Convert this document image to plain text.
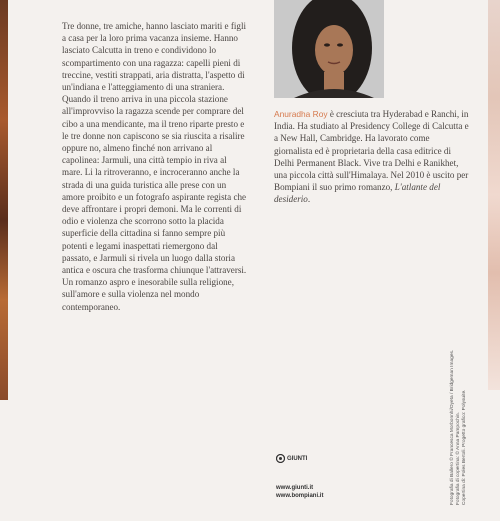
Tre donne, tre amiche, hanno lasciato mariti e figli a casa per la loro prima vacanza insieme. Hanno lasciato Calcutta in treno e condividono lo scompartimento con una ragazza: capelli pieni di treccine, vestiti strappati, aria distratta, l'aspetto di un'indiana e l'atteggiamento di una straniera. Quando il treno arriva in una piccola stazione all'improvviso la ragazza scende per comprare del cibo a una mendicante, ma il treno riparte presto e le tre donne non capiscono se sia riuscita a risalire oppure no, almeno finché non arrivano al capolinea: Jarmuli, una città tempio in riva al mare. Li la ritroveranno, e incroceranno anche la strada di una guida turistica alle prese con un amore proibito e un fotografo aspirante regista che deve affrontare i propri demoni. Ma le correnti di odio e violenza che scorrono sotto la placida superficie della cittadina si fanno sempre più potenti e legami inaspettati riemergono dal passato, e Jarmuli si rivela un luogo dalla storia antica e oscura che trasforma chiunque l'attraversi. Un romanzo aspro e inesorabile sulla religione, sull'amore e sulla violenza nel mondo contemporaneo.

Anuradha Roy è cresciuta tra Hyderabad e Ranchi, in India. Ha studiato al Presidency College di Calcutta e a New Hall, Cambridge. Ha lavorato come giornalista ed è proprietaria della casa editrice di Delhi Permanent Black. Vive tra Delhi e Ranikhet, una piccola città sull'Himalaya. Nel 2010 è uscito per Bompiani il suo primo romanzo, L'atlante del desiderio.
Fotografia di Ballero © Francesca Morbonnhi/Oyeta / Bridgeman Images. Fotografia di copertina: © Anna Pampochin. Copertina di: Poles Bertoli. Progetto grafico: Polysuite.
GIUNTI
www.giunti.it
www.bompiani.it
